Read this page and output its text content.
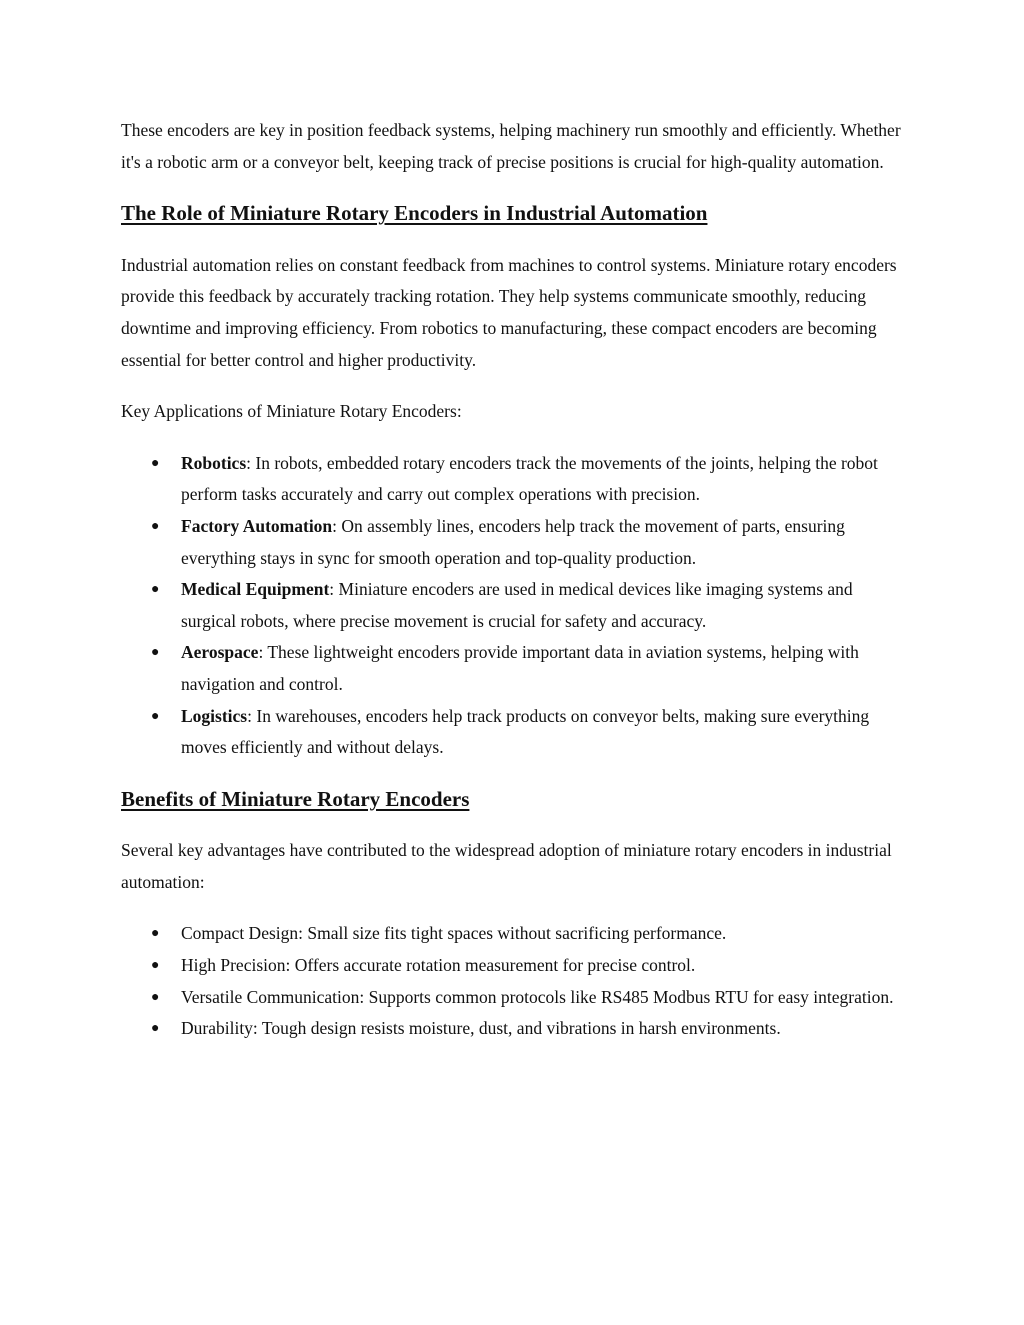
These encoders are key in position feedback systems, helping machinery run smoothly and efficiently. Whether it's a robotic arm or a conveyor belt, keeping track of precise positions is crucial for high-quality automation.

The Role of Miniature Rotary Encoders in Industrial Automation

Industrial automation relies on constant feedback from machines to control systems. Miniature rotary encoders provide this feedback by accurately tracking rotation. They help systems communicate smoothly, reducing downtime and improving efficiency. From robotics to manufacturing, these compact encoders are becoming essential for better control and higher productivity.

Key Applications of Miniature Rotary Encoders:

● Robotics: In robots, embedded rotary encoders track the movements of the joints, helping the robot perform tasks accurately and carry out complex operations with precision.
● Factory Automation: On assembly lines, encoders help track the movement of parts, ensuring everything stays in sync for smooth operation and top-quality production.
● Medical Equipment: Miniature encoders are used in medical devices like imaging systems and surgical robots, where precise movement is crucial for safety and accuracy.
● Aerospace: These lightweight encoders provide important data in aviation systems, helping with navigation and control.
● Logistics: In warehouses, encoders help track products on conveyor belts, making sure everything moves efficiently and without delays.
Benefits of Miniature Rotary Encoders

Several key advantages have contributed to the widespread adoption of miniature rotary encoders in industrial automation:

● Compact Design: Small size fits tight spaces without sacrificing performance.
● High Precision: Offers accurate rotation measurement for precise control.
● Versatile Communication: Supports common protocols like RS485 Modbus RTU for easy integration.
● Durability: Tough design resists moisture, dust, and vibrations in harsh environments.
